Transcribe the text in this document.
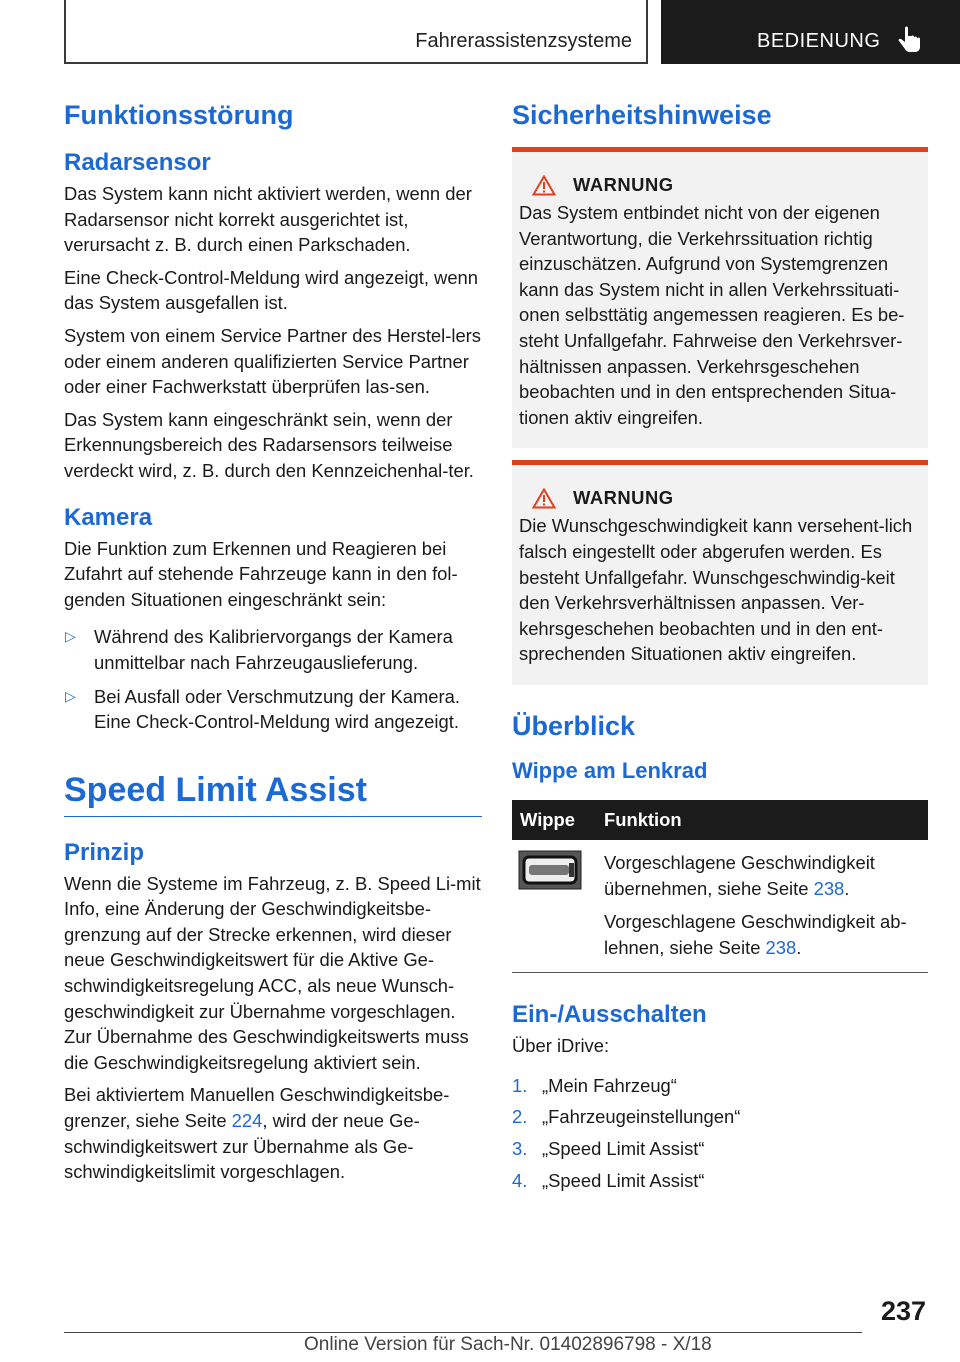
Fahrerassistenzsysteme	BEDIENUNG
Funktionsstörung
Radarsensor

Das System kann nicht aktiviert werden, wenn der Radarsensor nicht korrekt ausgerichtet ist, verursacht z. B. durch einen Parkschaden.

Eine Check-Control-Meldung wird angezeigt, wenn das System ausgefallen ist.

System von einem Service Partner des Herstel-lers oder einem anderen qualifizierten Service Partner oder einer Fachwerkstatt überprüfen las-sen.

Das System kann eingeschränkt sein, wenn der Erkennungsbereich des Radarsensors teilweise verdeckt wird, z. B. durch den Kennzeichenhal-ter.

Kamera

Die Funktion zum Erkennen und Reagieren bei Zufahrt auf stehende Fahrzeuge kann in den fol-genden Situationen eingeschränkt sein:

▷ Während des Kalibriervorgangs der Kamera unmittelbar nach Fahrzeugauslieferung.
▷ Bei Ausfall oder Verschmutzung der Kamera. Eine Check-Control-Meldung wird angezeigt.
Speed Limit Assist
Prinzip

Wenn die Systeme im Fahrzeug, z. B. Speed Li-mit Info, eine Änderung der Geschwindigkeitsbe-grenzung auf der Strecke erkennen, wird dieser neue Geschwindigkeitswert für die Aktive Ge-schwindigkeitsregelung ACC, als neue Wunsch-geschwindigkeit zur Übernahme vorgeschlagen. Zur Übernahme des Geschwindigkeitswerts muss die Geschwindigkeitsregelung aktiviert sein.

Bei aktiviertem Manuellen Geschwindigkeitsbe-grenzer, siehe Seite 224, wird der neue Ge-schwindigkeitswert zur Übernahme als Ge-schwindigkeitslimit vorgeschlagen.

Sicherheitshinweise
WARNUNG

Das System entbindet nicht von der eigenen Verantwortung, die Verkehrssituation richtig einzuschätzen. Aufgrund von Systemgrenzen kann das System nicht in allen Verkehrssituati-onen selbsttätig angemessen reagieren. Es be-steht Unfallgefahr. Fahrweise den Verkehrsver-hältnissen anpassen. Verkehrsgeschehen beobachten und in den entsprechenden Situa-tionen aktiv eingreifen.

WARNUNG

Die Wunschgeschwindigkeit kann versehent-lich falsch eingestellt oder abgerufen werden. Es besteht Unfallgefahr. Wunschgeschwindig-keit den Verkehrsverhältnissen anpassen. Ver-kehrsgeschehen beobachten und in den ent-sprechenden Situationen aktiv eingreifen.

Überblick
Wippe am Lenkrad
Wippe	Funktion

Vorgeschlagene Geschwindigkeit übernehmen, siehe Seite 238.
Vorgeschlagene Geschwindigkeit ab-lehnen, siehe Seite 238.
Ein-/Ausschalten

Über iDrive:

1. „Mein Fahrzeug“
2. „Fahrzeugeinstellungen“
3. „Speed Limit Assist“
4. „Speed Limit Assist“
237
Online Version für Sach-Nr. 01402896798 - X/18
